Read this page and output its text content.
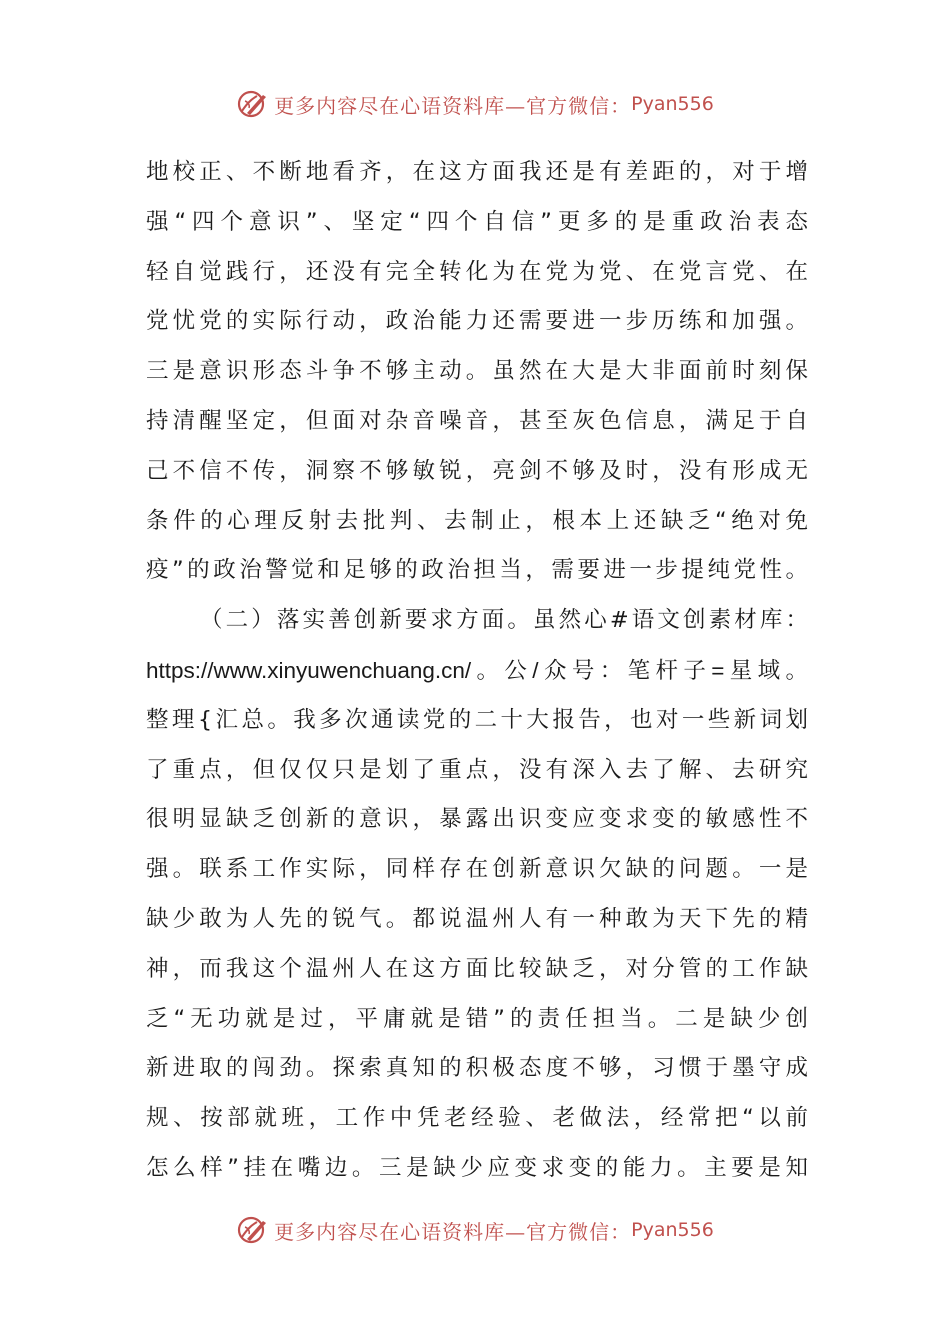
更多内容尽在心语资料库—官方微信： Pyan556
地校正、不断地看齐，在这方面我还是有差距的，对于增
强“四个意识”、坚定“四个自信”更多的是重政治表态
轻自觉践行，还没有完全转化为在党为党、在党言党、在
党忧党的实际行动，政治能力还需要进一步历练和加强。
三是意识形态斗争不够主动。虽然在大是大非面前时刻保
持清醒坚定，但面对杂音噪音，甚至灰色信息，满足于自
己不信不传，洞察不够敏锐，亮剑不够及时，没有形成无
条件的心理反射去批判、去制止，根本上还缺乏“绝对免
疫”的政治警觉和足够的政治担当，需要进一步提纯党性。
（二）落实善创新要求方面。虽然心#语文创素材库：
https://www.xinyuwenchuang.cn/。公/众号：笔杆子=星域。
整理{汇总。我多次通读党的二十大报告，也对一些新词划
了重点，但仅仅只是划了重点，没有深入去了解、去研究
很明显缺乏创新的意识，暴露出识变应变求变的敏感性不
强。联系工作实际，同样存在创新意识欠缺的问题。一是
缺少敢为人先的锐气。都说温州人有一种敢为天下先的精
神，而我这个温州人在这方面比较缺乏，对分管的工作缺
乏“无功就是过，平庸就是错”的责任担当。二是缺少创
新进取的闯劲。探索真知的积极态度不够，习惯于墨守成
规、按部就班，工作中凭老经验、老做法，经常把“以前
怎么样”挂在嘴边。三是缺少应变求变的能力。主要是知
更多内容尽在心语资料库—官方微信： Pyan556
